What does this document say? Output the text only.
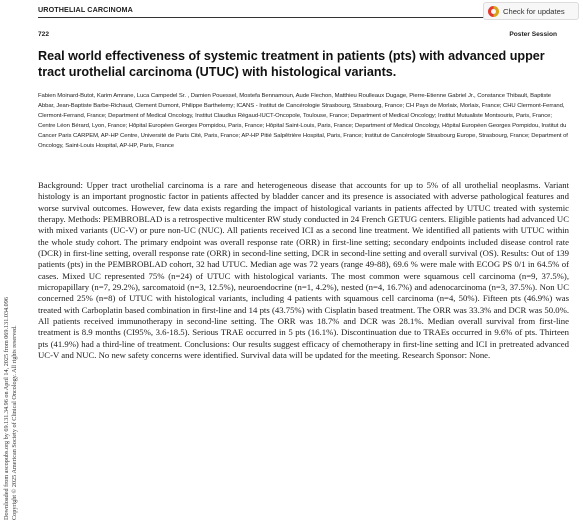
UROTHELIAL CARCINOMA	Check for updates
722	Poster Session
Real world effectiveness of systemic treatment in patients (pts) with advanced upper tract urothelial carcinoma (UTUC) with histological variants.
Fabien Moinard-Butot, Karim Amrane, Luca Campedel Sr. , Damien Pouessel, Mostefa Bennamoun, Aude Flechon, Matthieu Roulleaux Dugage, Pierre-Etienne Gabriel Jr., Constance Thibault, Baptiste Abbar, Jean-Baptiste Barbe-Richaud, Clement Dumont, Philippe Barthelemy; ICANS - Institut de Cancérologie Strasbourg, Strasbourg, France; CH Pays de Morlaix, Morlaix, France; CHU Clermont-Ferrand, Clermont-Ferrand, France; Department of Medical Oncology, Institut Claudius Régaud-IUCT-Oncopole, Toulouse, France; Department of Medical Oncology; Institut Mutualiste Montsouris, Paris, France; Centre Léon Bérard, Lyon, France; Hôpital Européen Georges Pompidou, Paris, France; Hôpital Saint-Louis, Paris, France; Department of Medical Oncology, Hôpital Européen Georges Pompidou, Institut du Cancer Paris CARPEM, AP-HP Centre, Université de Paris Cité, Paris, France; AP-HP Pitié Salpêtrière Hospital, Paris, France; Institut de Cancérologie Strasbourg Europe, Strasbourg, France; Department of Oncology, Saint-Louis Hospital, AP-HP, Paris, France
Downloaded from ascopubs.org by 69.131.34.96 on April 14, 2025 from 069.131.034.096 Copyright © 2025 American Society of Clinical Oncology. All rights reserved.

Background: Upper tract urothelial carcinoma is a rare and heterogeneous disease that accounts for up to 5% of all urothelial neoplasms. Variant histology is an important prognostic factor in patients affected by bladder cancer and its presence is associated with adverse pathological features and worse survival outcomes. However, few data exists regarding the impact of histological variants in patients affected by UTUC treated with systemic therapy. Methods: PEMBROBLAD is a retrospective multicenter RW study conducted in 24 French GETUG centers. Eligible patients had advanced UC with mixed variants (UC-V) or pure non-UC (NUC). All patients received ICI as a second line treatment. We identified all patients with UTUC within the whole study cohort. The primary endpoint was overall response rate (ORR) in first-line setting; secondary endpoints included disease control rate (DCR) in first-line setting, overall response rate (ORR) in second-line setting, DCR in second-line setting and overall survival (OS). Results: Out of 139 patients (pts) in the PEMBROBLAD cohort, 32 had UTUC. Median age was 72 years (range 49-88), 69.6 % were male with ECOG PS 0/1 in 64.5% of cases. Mixed UC represented 75% (n=24) of UTUC with histological variants. The most common were squamous cell carcinoma (n=9, 37.5%), micropapillary (n=7, 29.2%), sarcomatoid (n=3, 12.5%), neuroendocrine (n=1, 4.2%), nested (n=4, 16.7%) and adenocarcinoma (n=3, 37.5%). Non UC concerned 25% (n=8) of UTUC with histological variants, including 4 patients with squamous cell carcinoma (n=4, 50%). Fifteen pts (46.9%) was treated with Carboplatin based combination in first-line and 14 pts (43.75%) with Cisplatin based treatment. The ORR was 33.3% and DCR was 50.0%. All patients received immunotherapy in second-line setting. The ORR was 18.7% and DCR was 28.1%. Median overall survival from first-line treatment is 8.9 months (CI95%, 3.6-18.5). Serious TRAE occurred in 5 pts (16.1%). Discontinuation due to TRAEs occurred in 9.6% of pts. Thirteen pts (41.9%) had a third-line of treatment. Conclusions: Our results suggest efficacy of chemotherapy in first-line setting and ICI in pretreated advanced UC-V and NUC. No new safety concerns were identified. Survival data will be updated for the meeting. Research Sponsor: None.
